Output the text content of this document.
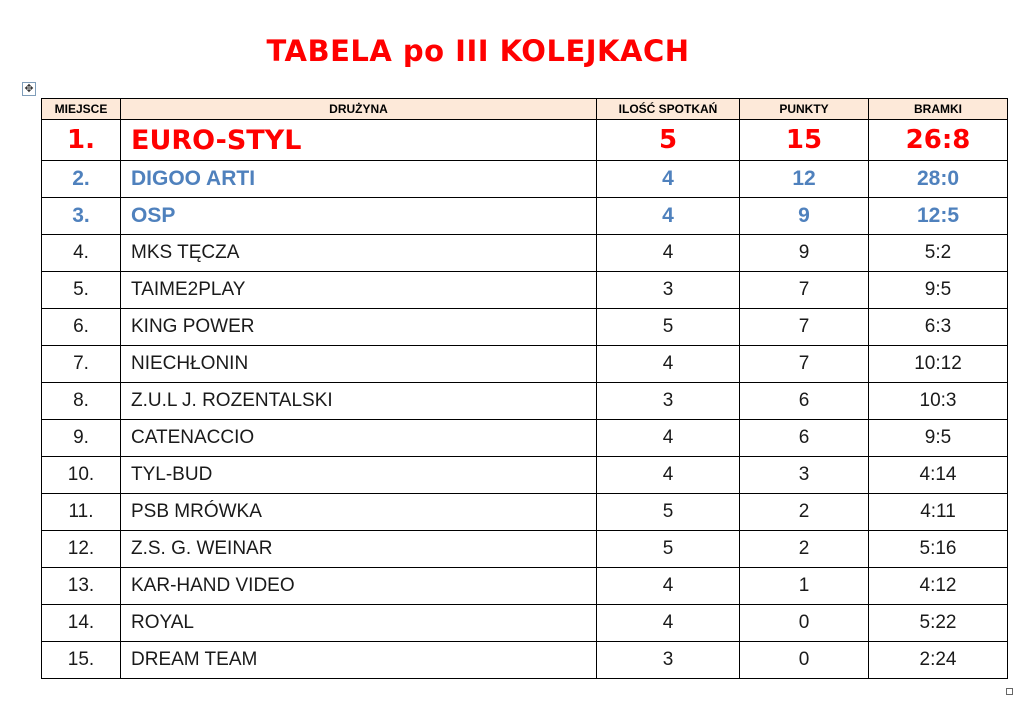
TABELA po III KOLEJKACH
✥
MIEJSCE	DRUŻYNA	ILOŚĆ SPOTKAŃ	PUNKTY	BRAMKI
1.	EURO-STYL	5	15	26:8
2.	DIGOO ARTI	4	12	28:0
3.	OSP	4	9	12:5
4.	MKS TĘCZA	4	9	5:2
5.	TAIME2PLAY	3	7	9:5
6.	KING POWER	5	7	6:3
7.	NIECHŁONIN	4	7	10:12
8.	Z.U.L J. ROZENTALSKI	3	6	10:3
9.	CATENACCIO	4	6	9:5
10.	TYL-BUD	4	3	4:14
11.	PSB MRÓWKA	5	2	4:11
12.	Z.S. G. WEINAR	5	2	5:16
13.	KAR-HAND VIDEO	4	1	4:12
14.	ROYAL	4	0	5:22
15.	DREAM TEAM	3	0	2:24
